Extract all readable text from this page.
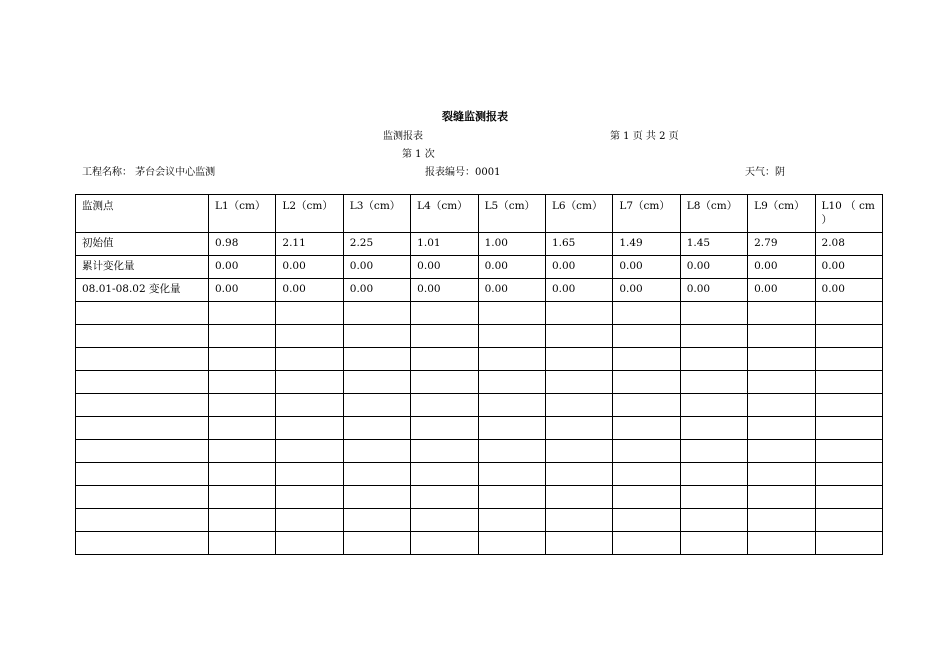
裂缝监测报表
监测报表	第 1 页 共 2 页
第 1 次
工程名称： 茅台会议中心监测	报表编号：0001	天气：阴
监测点	L1（cm）	L2（cm）	L3（cm）	L4（cm）	L5（cm）	L6（cm）	L7（cm）	L8（cm）	L9（cm）	L10 （ cm ）
初始值	0.98	2.11	2.25	1.01	1.00	1.65	1.49	1.45	2.79	2.08
累计变化量	0.00	0.00	0.00	0.00	0.00	0.00	0.00	0.00	0.00	0.00
08.01-08.02 变化量	0.00	0.00	0.00	0.00	0.00	0.00	0.00	0.00	0.00	0.00
